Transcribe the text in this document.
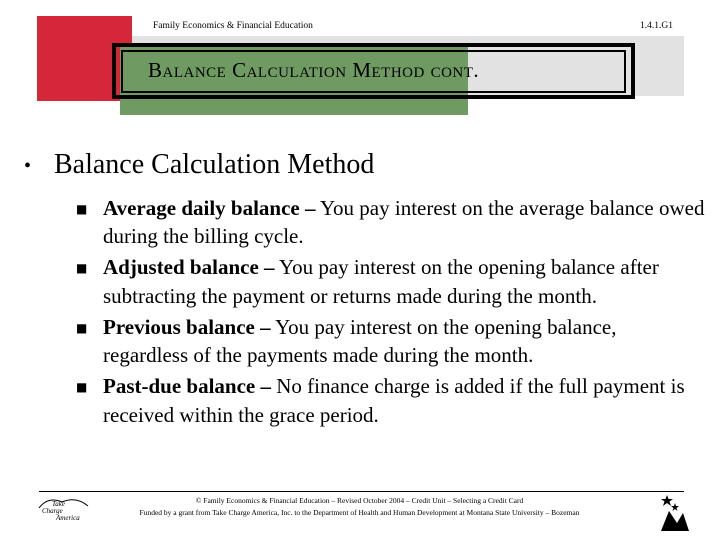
Family Economics & Financial Education	1.4.1.G1
Balance Calculation Method cont.
• Balance Calculation Method
■ Average daily balance – You pay interest on the average balance owed during the billing cycle.
■ Adjusted balance – You pay interest on the opening balance after subtracting the payment or returns made during the month.
■ Previous balance – You pay interest on the opening balance, regardless of the payments made during the month.
■ Past-due balance – No finance charge is added if the full payment is received within the grace period.
© Family Economics & Financial Education – Revised October 2004 – Credit Unit – Selecting a Credit Card
Funded by a grant from Take Charge America, Inc. to the Department of Health and Human Development at Montana State University – Bozeman
Take
Charge
America
